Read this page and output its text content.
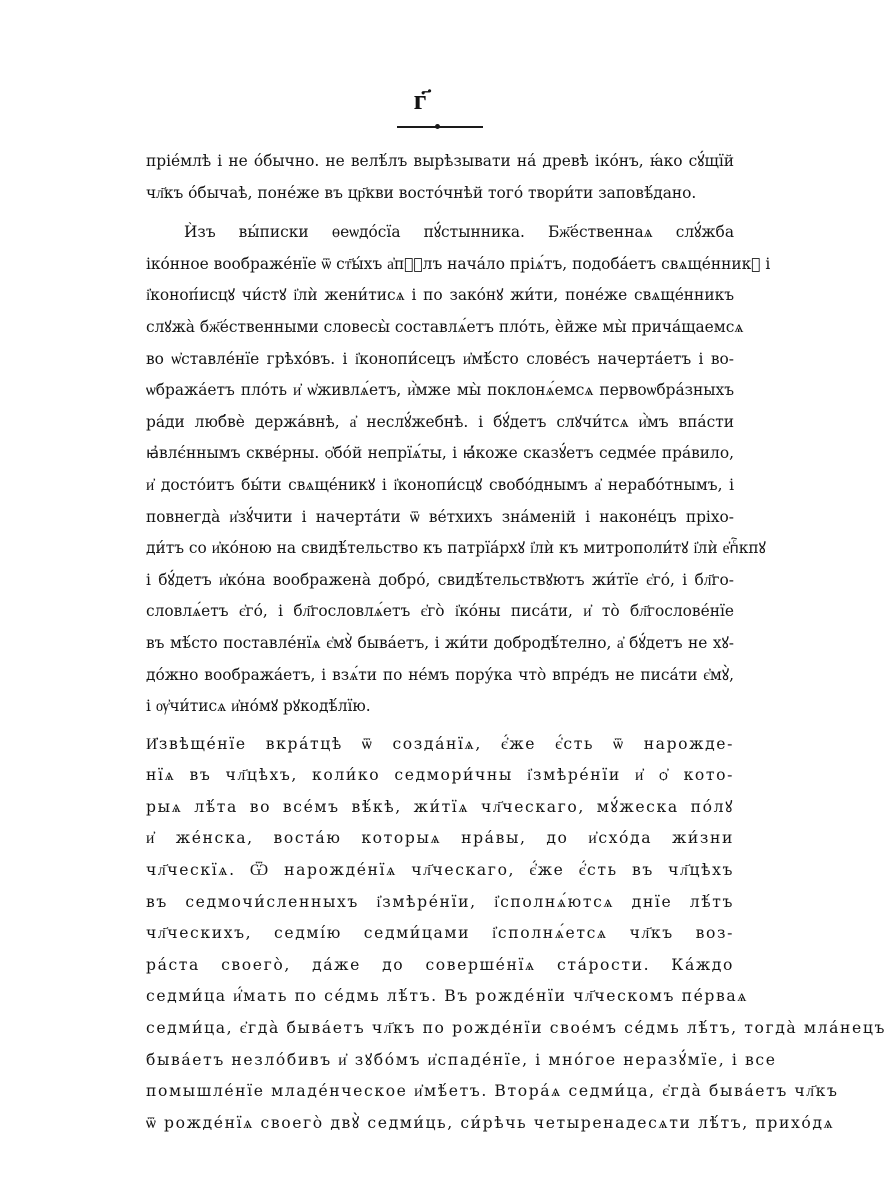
г҃
пріе́млѣ і не о́бычно. не велѣ́лъ вырѣзывати на́ древѣ іко́нъ, ꙗ́ко сꙋ́щїй
чл҃къ о́бычаѣ, поне́же въ цр҃кви восто́чнѣй того́ твори́ти заповѣ́дано.
Ѝзъ вы́писки ѳеѡдо́сїа пꙋ́стынника. Бж҃е́ственнаѧ слꙋ́жба
іко́нное воображе́нїе ѿ ст҃ы́хъ а҆пⷭ҇лъ нача́ло пріѧ́тъ, подоба́етъ свѧще́нникꙋ і
і҆коноп́исцꙋ чи́стꙋ і҆лѝ жени́тисѧ і по зако́нꙋ жи́ти, поне́же свѧще́нникъ
слꙋжа̀ бж҃е́ственными словесы̀ составлѧ́етъ пло́ть, ѐйже мы̀ прича́щаемсѧ
во ѡ҆ставле́нїе грѣхо́въ. і і҆конопи́сецъ и҆мѣ́сто слове́съ начерта́етъ і во-
ѡбража́етъ пло́ть и҆ ѡ҆живлѧ́етъ, и҆̀мже мы̀ поклонѧ́емсѧ первоѡбра́зныхъ
ра́ди люб́вѐ держа́внѣ, а҆ неслꙋ́жебнѣ. і бꙋ́детъ слꙋчи́тсѧ и҆̀мъ впа́сти
ꙗ҆влє́ннымъ скве́рны. ѻ҆бо́й непрїѧ́ты, і ꙗ҆́коже сказꙋ́етъ седме́е пра́вило,
и҆ досто́итъ бы́ти свѧще́никꙋ і і҆конопи́сцꙋ свобо́днымъ а҆ нерабо́тнымъ, і
повнегда̀ и҆зꙋ́чити і начерта́ти ѿ ве́тхихъ зна́меній і наконе́цъ пріхо-
ди́тъ со и҆ко́ною на свидѣ́тельство къ патрїа́рхꙋ і҆лѝ къ митрополи́тꙋ і҆лѝ е҆пⷭ҇кпꙋ
і бꙋ́детъ и҆ко́на воображена̀ добро́, свидѣ́тельствꙋютъ жи́тїе є҆го́, і бл҃го-
словлѧ́етъ є҆го́, і бл҃гословлѧ́етъ є҆го̀ і҆ко́ны писа́ти, и҆ то̀ бл҃гослове́нїе
въ мѣ́сто поставле́нїѧ є҆мꙋ̀ быва́етъ, і жи́ти добродѣ́телно, а҆ бꙋ́детъ не хꙋ-
до́жно вообража́етъ, і взѧ́ти по не́мъ пору́ка что̀ впре́дъ не писа́ти є҆мꙋ̀,
і ѹ҆чи́тисѧ и҆но́мꙋ рꙋкодѣ́лїю.
И҆звѣще́нїе вкра́тцѣ ѿ созда́нїѧ, є҆́же є҆́сть ѿ нарожде-
нїѧ въ чл҃цѣхъ, коли́ко седмори́чны і҆змѣре́нїи и҆ ѻ҆ кото-
рыѧ лѣ́та во все́мъ вѣ́кѣ, жи́тїѧ чл҃ческаго, мꙋ́жеска по́лꙋ
и҆ же́нска, воста́ю которыѧ нра́вы, до и҆схо́да жи́зни
чл҃ческїѧ. Ѿ нарожде́нїѧ чл҃ческаго, є҆́же є҆́сть въ чл҃цѣхъ
въ седмочи́сленныхъ і҆змѣре́нїи, і҆сполнѧ́ютсѧ днїе лѣ́тъ
чл҃ческихъ, седмі́ю седми́цами і҆сполнѧ́етсѧ чл҃къ воз-
ра́ста своего̀, да́же до соверше́нїѧ ста́рости. Ка́ждо
седми́ца и҆́мать по се́дмь лѣ́тъ. Въ рожде́нїи чл҃ческомъ пе́рваѧ
седми́ца, є҆гда̀ быва́етъ чл҃къ по рожде́нїи свое́мъ се́дмь лѣ́тъ, тогда̀ мла́нецъ
быва́етъ незло́бивъ и҆ зꙋбо́мъ и҆спаде́нїе, і мно́гое неразꙋ́мїе, і все
помышле́нїе младе́нческое и҆мѣ́етъ. Втора́ѧ седми́ца, є҆гда̀ быва́етъ чл҃къ
ѿ рожде́нїѧ своего̀ двꙋ̀ седми́ць, си́рѣчь четыренадесѧти лѣ́тъ, прихо́дѧ
